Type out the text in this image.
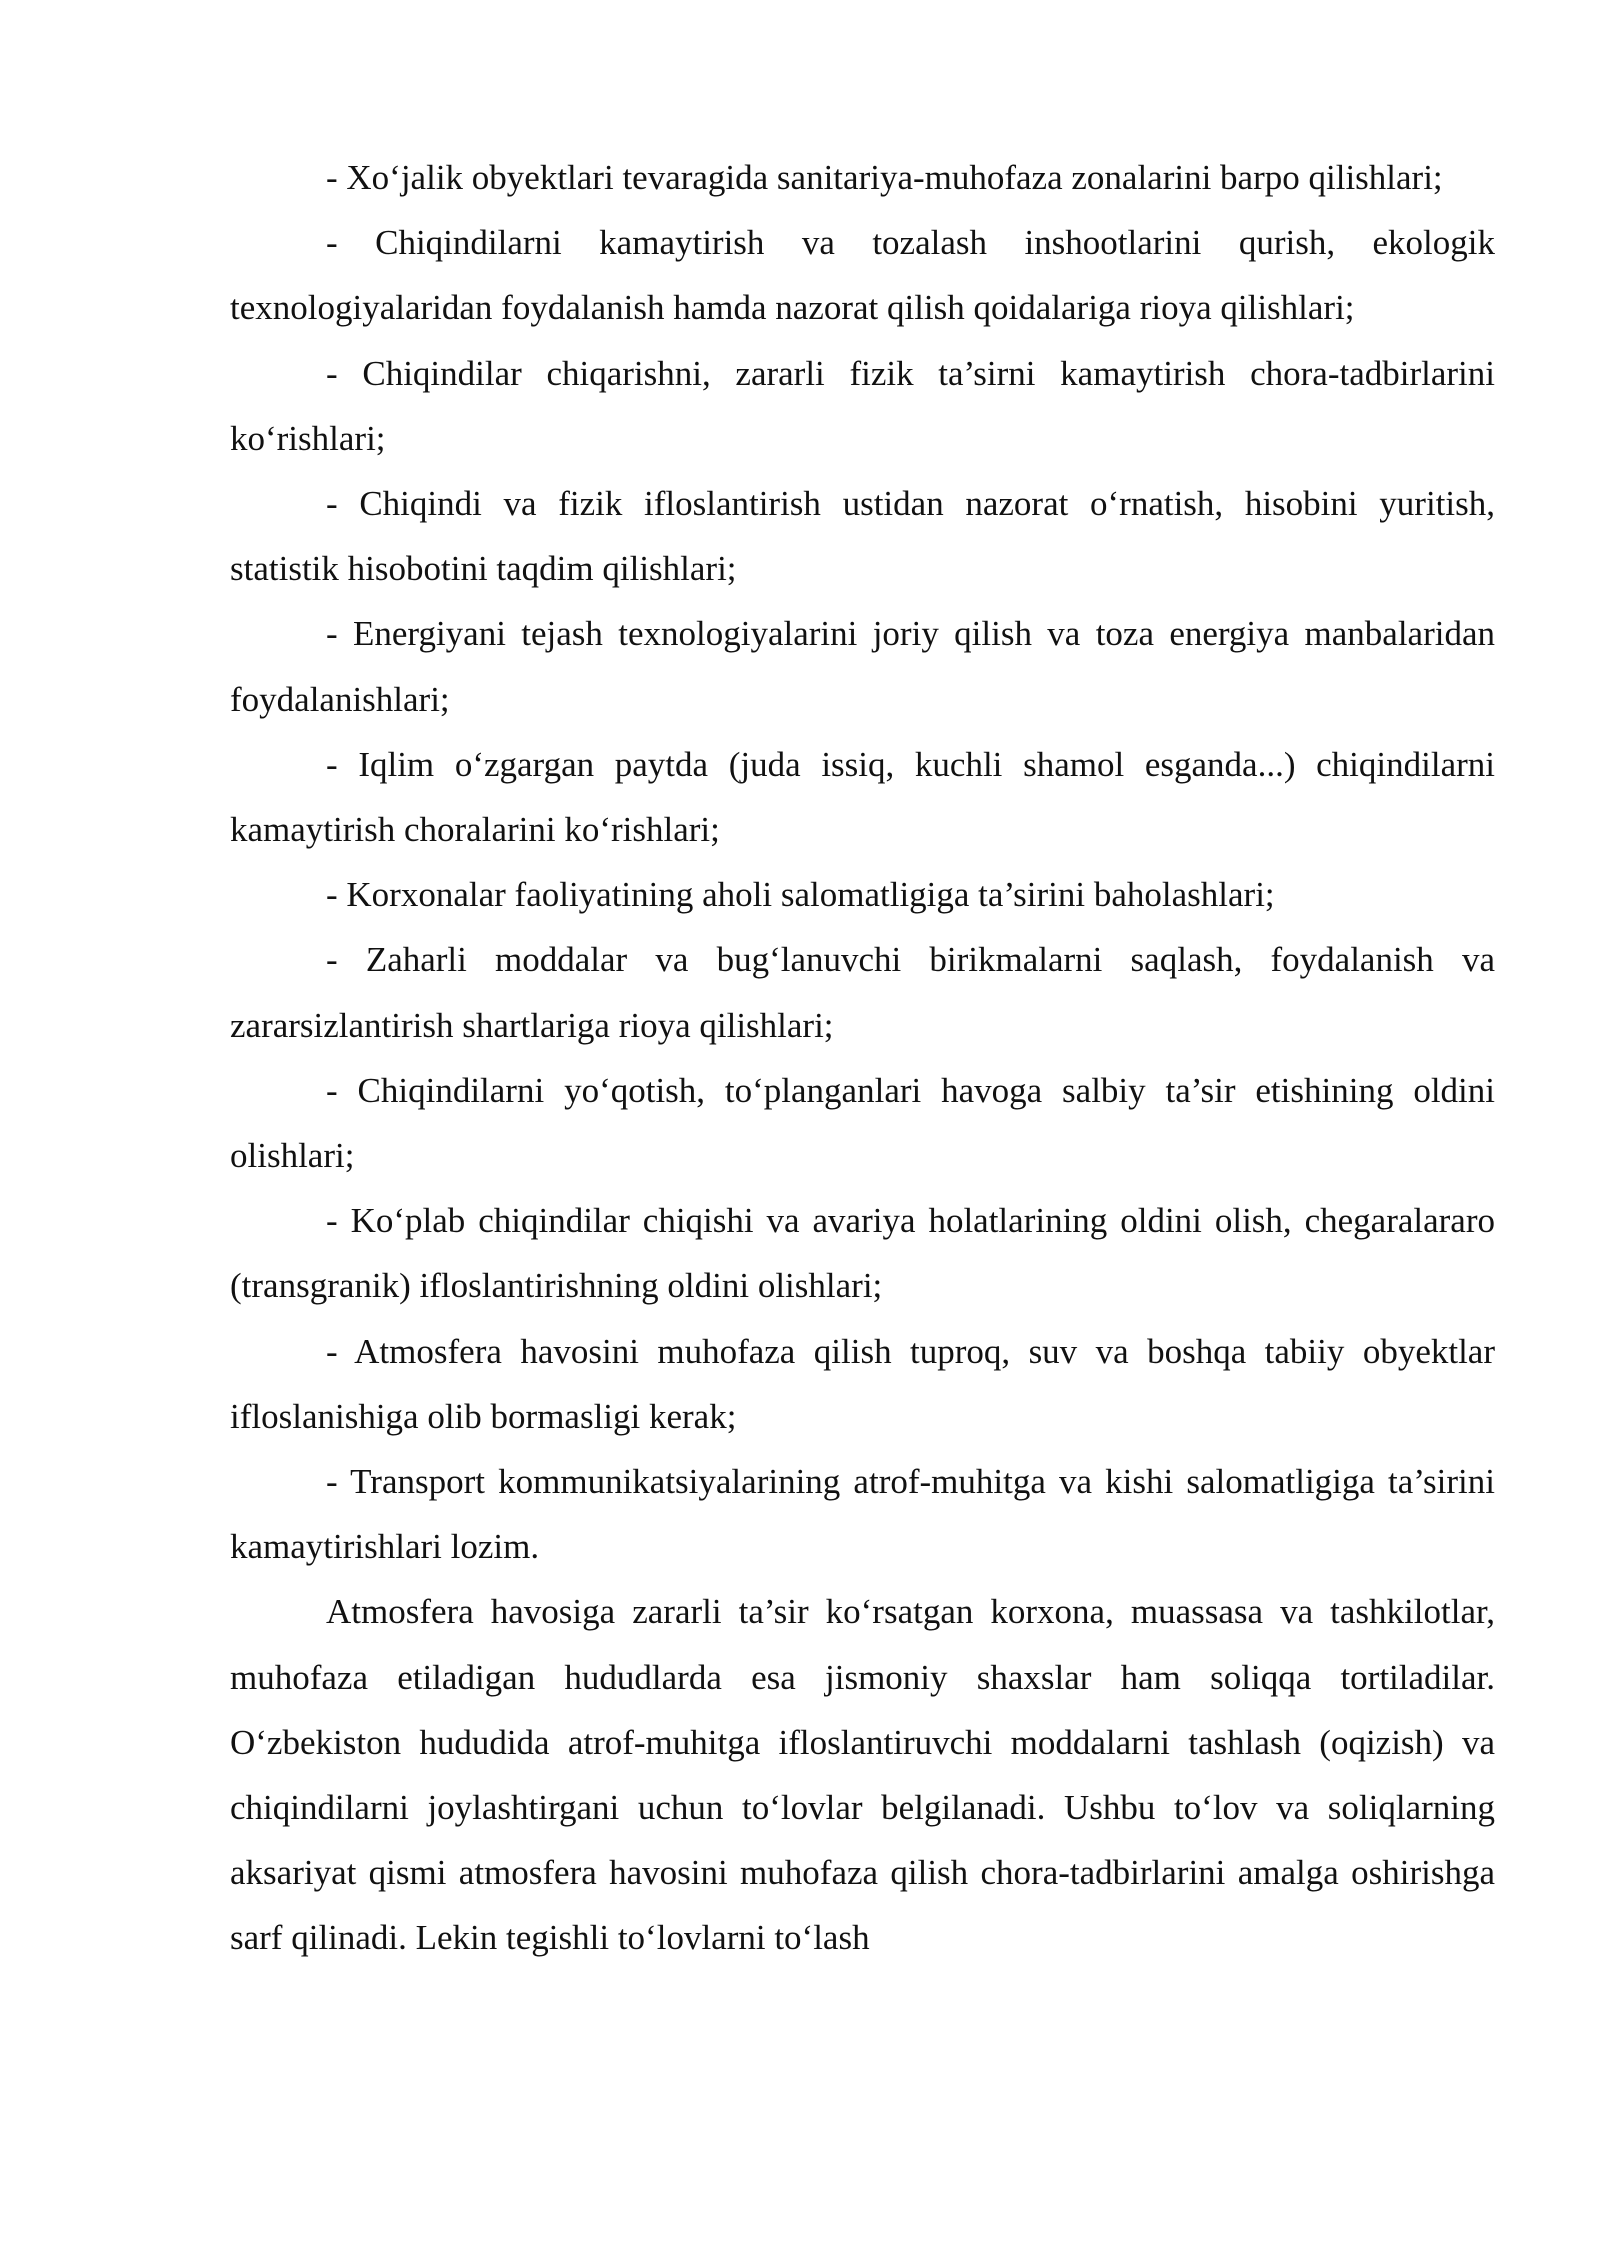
- Xo‘jalik obyektlari tevaragida sanitariya-muhofaza zonalarini barpo qilishlari;

- Chiqindilarni kamaytirish va tozalash inshootlarini qurish, ekologik texnologiyalaridan foydalanish hamda nazorat qilish qoidalariga rioya qilishlari;

- Chiqindilar chiqarishni, zararli fizik ta’sirni kamaytirish chora-tadbirlarini ko‘rishlari;

- Chiqindi va fizik ifloslantirish ustidan nazorat o‘rnatish, hisobini yuritish, statistik hisobotini taqdim qilishlari;

- Energiyani tejash texnologiyalarini joriy qilish va toza energiya manbalaridan foydalanishlari;

- Iqlim o‘zgargan paytda (juda issiq, kuchli shamol esganda...) chiqindilarni kamaytirish choralarini ko‘rishlari;

- Korxonalar faoliyatining aholi salomatligiga ta’sirini baholashlari;

- Zaharli moddalar va bug‘lanuvchi birikmalarni saqlash, foydalanish va zararsizlantirish shartlariga rioya qilishlari;

- Chiqindilarni yo‘qotish, to‘planganlari havoga salbiy ta’sir etishining oldini olishlari;

- Ko‘plab chiqindilar chiqishi va avariya holatlarining oldini olish, chegaralararo (transgranik) ifloslantirishning oldini olishlari;

- Atmosfera havosini muhofaza qilish tuproq, suv va boshqa tabiiy obyektlar ifloslanishiga olib bormasligi kerak;

- Transport kommunikatsiyalarining atrof-muhitga va kishi salomatligiga ta’sirini kamaytirishlari lozim.

Atmosfera havosiga zararli ta’sir ko‘rsatgan korxona, muassasa va tashkilotlar, muhofaza etiladigan hududlarda esa jismoniy shaxslar ham soliqqa tortiladilar. O‘zbekiston hududida atrof-muhitga ifloslantiruvchi moddalarni tashlash (oqizish) va chiqindilarni joylashtirgani uchun to‘lovlar belgilanadi. Ushbu to‘lov va soliqlarning aksariyat qismi atmosfera havosini muhofaza qilish chora-tadbirlarini amalga oshirishga sarf qilinadi. Lekin tegishli to‘lovlarni to‘lash
